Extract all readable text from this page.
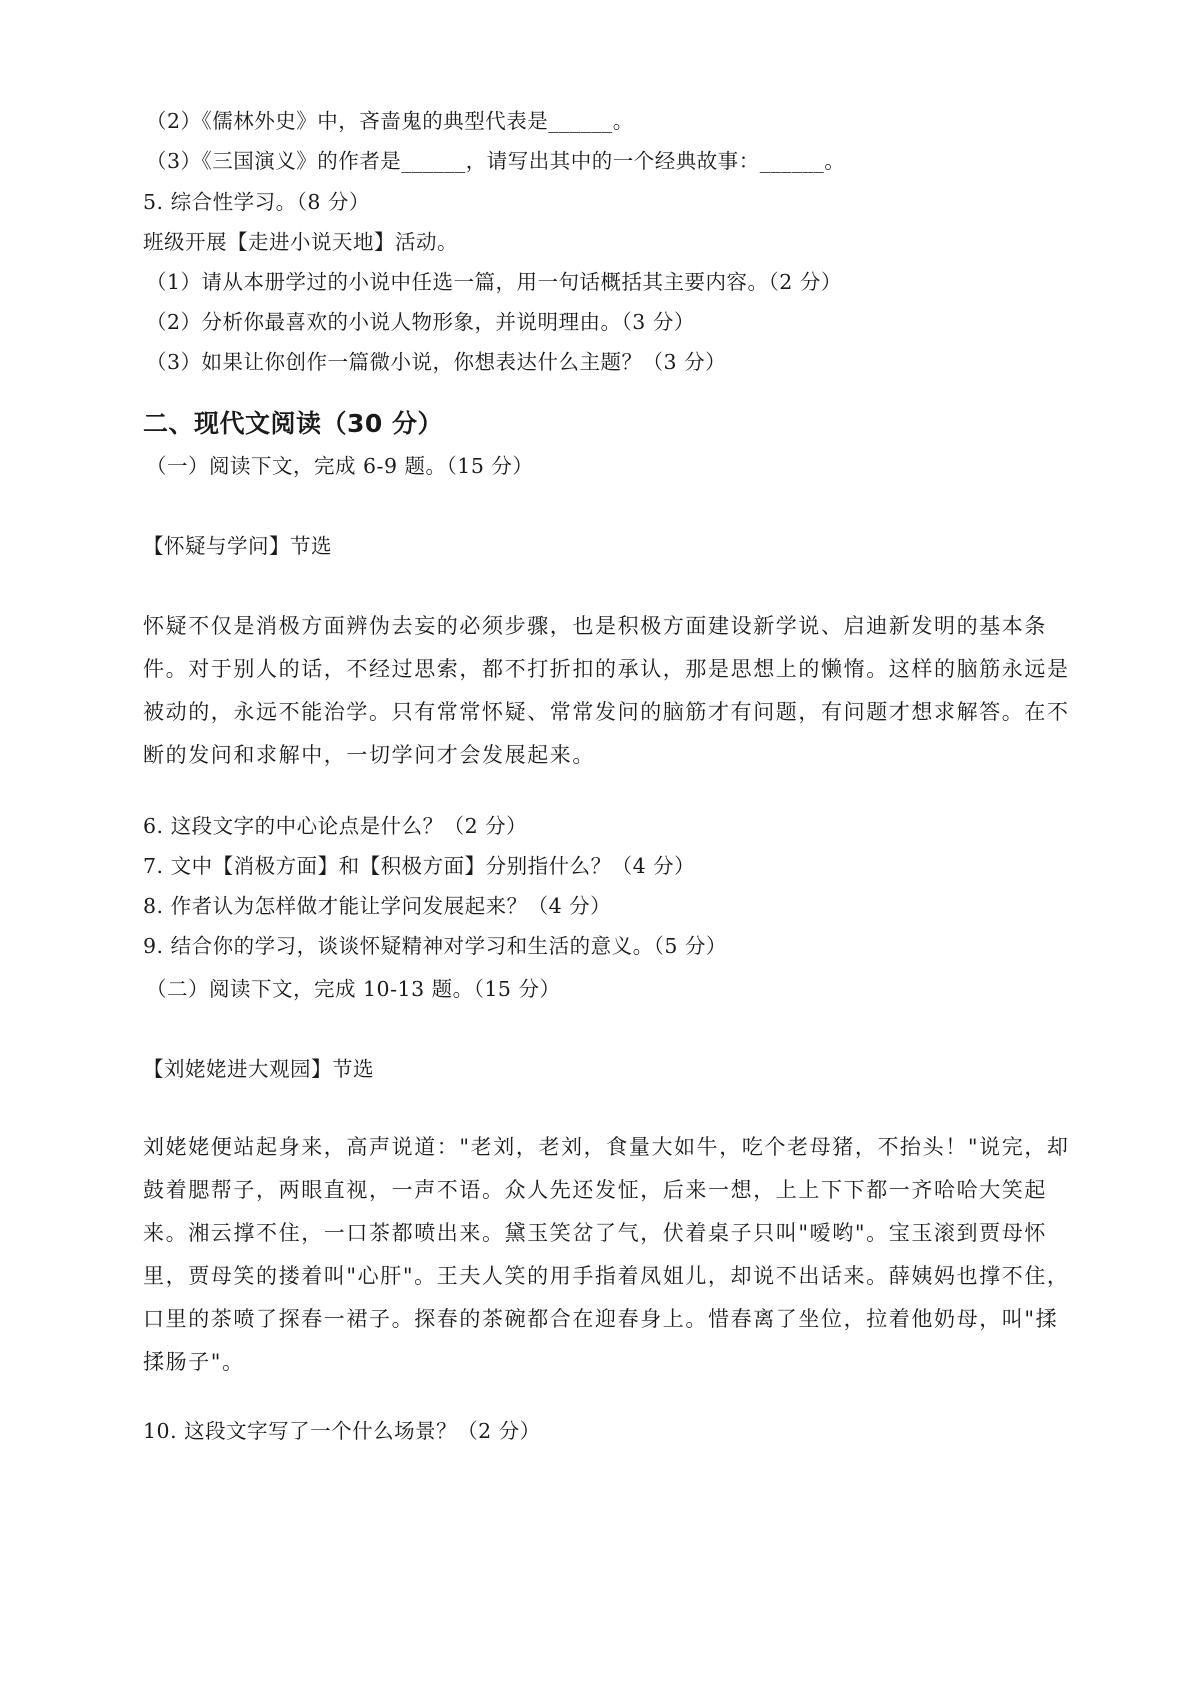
（2）《儒林外史》中，吝啬鬼的典型代表是______。

（3）《三国演义》的作者是______，请写出其中的一个经典故事：______。

5. 综合性学习。（8 分）

班级开展【走进小说天地】活动。

（1）请从本册学过的小说中任选一篇，用一句话概括其主要内容。（2 分）

（2）分析你最喜欢的小说人物形象，并说明理由。（3 分）

（3）如果让你创作一篇微小说，你想表达什么主题？（3 分）

二、现代文阅读（30 分）

（一）阅读下文，完成 6-9 题。（15 分）

【怀疑与学问】节选

怀疑不仅是消极方面辨伪去妄的必须步骤，也是积极方面建设新学说、启迪新发明的基本条

件。对于别人的话，不经过思索，都不打折扣的承认，那是思想上的懒惰。这样的脑筋永远是

被动的，永远不能治学。只有常常怀疑、常常发问的脑筋才有问题，有问题才想求解答。在不

断的发问和求解中，一切学问才会发展起来。

6. 这段文字的中心论点是什么？（2 分）

7. 文中【消极方面】和【积极方面】分别指什么？（4 分）

8. 作者认为怎样做才能让学问发展起来？（4 分）

9. 结合你的学习，谈谈怀疑精神对学习和生活的意义。（5 分）

（二）阅读下文，完成 10-13 题。（15 分）

【刘姥姥进大观园】节选

刘姥姥便站起身来，高声说道："老刘，老刘，食量大如牛，吃个老母猪，不抬头！"说完，却

鼓着腮帮子，两眼直视，一声不语。众人先还发怔，后来一想，上上下下都一齐哈哈大笑起

来。湘云撑不住，一口茶都喷出来。黛玉笑岔了气，伏着桌子只叫"嗳哟"。宝玉滚到贾母怀

里，贾母笑的搂着叫"心肝"。王夫人笑的用手指着凤姐儿，却说不出话来。薛姨妈也撑不住，

口里的茶喷了探春一裙子。探春的茶碗都合在迎春身上。惜春离了坐位，拉着他奶母，叫"揉

揉肠子"。

10. 这段文字写了一个什么场景？（2 分）
